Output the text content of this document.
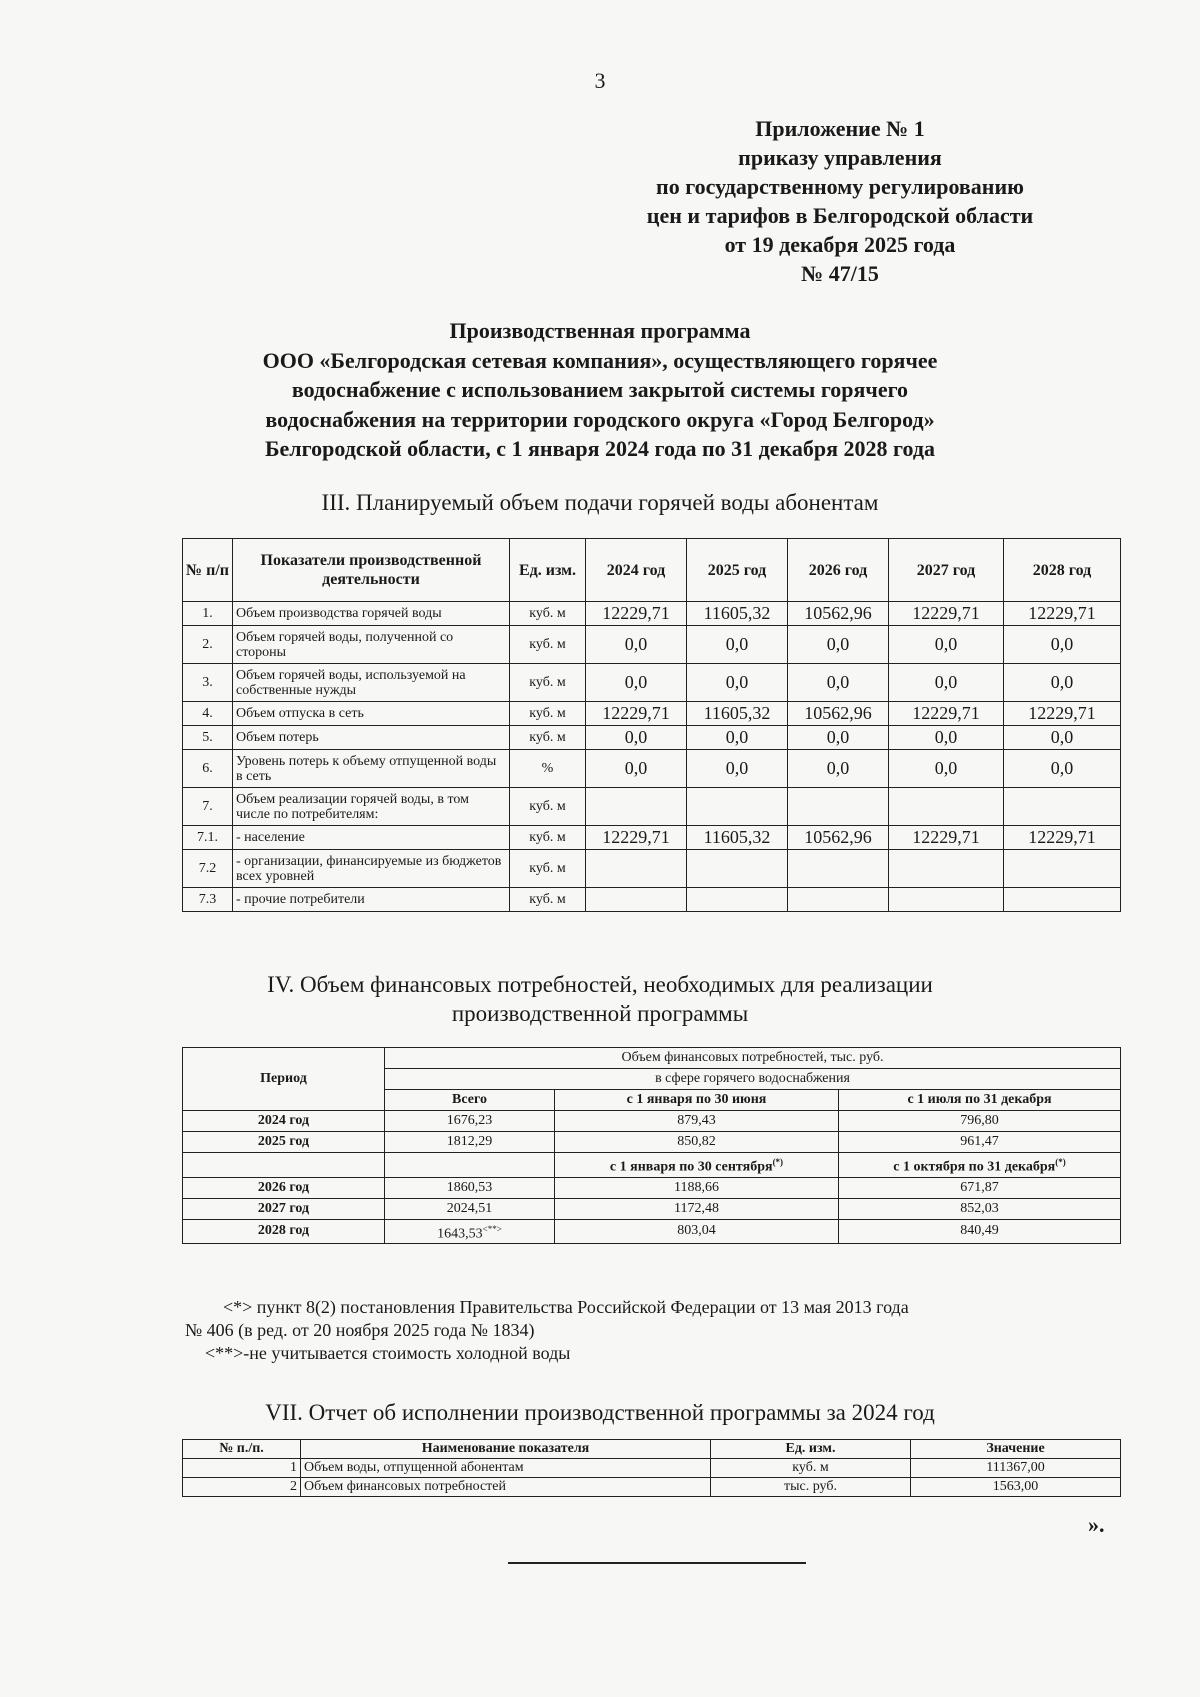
3
Приложение № 1
приказу управления
по государственному регулированию
цен и тарифов в Белгородской области
от 19 декабря 2025 года
№ 47/15
Производственная программа
ООО «Белгородская сетевая компания», осуществляющего горячее
водоснабжение с использованием закрытой системы горячего
водоснабжения на территории городского округа «Город Белгород»
Белгородской области, с 1 января 2024 года по 31 декабря 2028 года
III. Планируемый объем подачи горячей воды абонентам
№ п/п	Показатели производственной деятельности	Ед. изм.	2024 год	2025 год	2026 год	2027 год	2028 год
1.	Объем производства горячей воды	куб. м	12229,71	11605,32	10562,96	12229,71	12229,71
2.	Объем горячей воды, полученной со стороны	куб. м	0,0	0,0	0,0	0,0	0,0
3.	Объем горячей воды, используемой на собственные нужды	куб. м	0,0	0,0	0,0	0,0	0,0
4.	Объем отпуска в сеть	куб. м	12229,71	11605,32	10562,96	12229,71	12229,71
5.	Объем потерь	куб. м	0,0	0,0	0,0	0,0	0,0
6.	Уровень потерь к объему отпущенной воды в сеть	%	0,0	0,0	0,0	0,0	0,0
7.	Объем реализации горячей воды, в том числе по потребителям:	куб. м					
7.1.	- население	куб. м	12229,71	11605,32	10562,96	12229,71	12229,71
7.2	- организации, финансируемые из бюджетов всех уровней	куб. м					
7.3	- прочие потребители	куб. м					
IV. Объем финансовых потребностей, необходимых для реализации
производственной программы
Период	Объем финансовых потребностей, тыс. руб.		
	в сфере горячего водоснабжения		
	Всего	с 1 января по 30 июня	с 1 июля по 31 декабря
2024 год	1676,23	879,43	796,80
2025 год	1812,29	850,82	961,47
		с 1 января по 30 сентября(*)	с 1 октября по 31 декабря(*)
2026 год	1860,53	1188,66	671,87
2027 год	2024,51	1172,48	852,03
2028 год	1643,53<**>	803,04	840,49

<*> пункт 8(2) постановления Правительства Российской Федерации от 13 мая 2013 года

№ 406 (в ред. от 20 ноября 2025 года № 1834)

<**>-не учитывается стоимость холодной воды

VII. Отчет об исполнении производственной программы за 2024 год
№ п./п.	Наименование показателя	Ед. изм.	Значение
1	Объем воды, отпущенной абонентам	куб. м	111367,00
2	Объем финансовых потребностей	тыс. руб.	1563,00
».
